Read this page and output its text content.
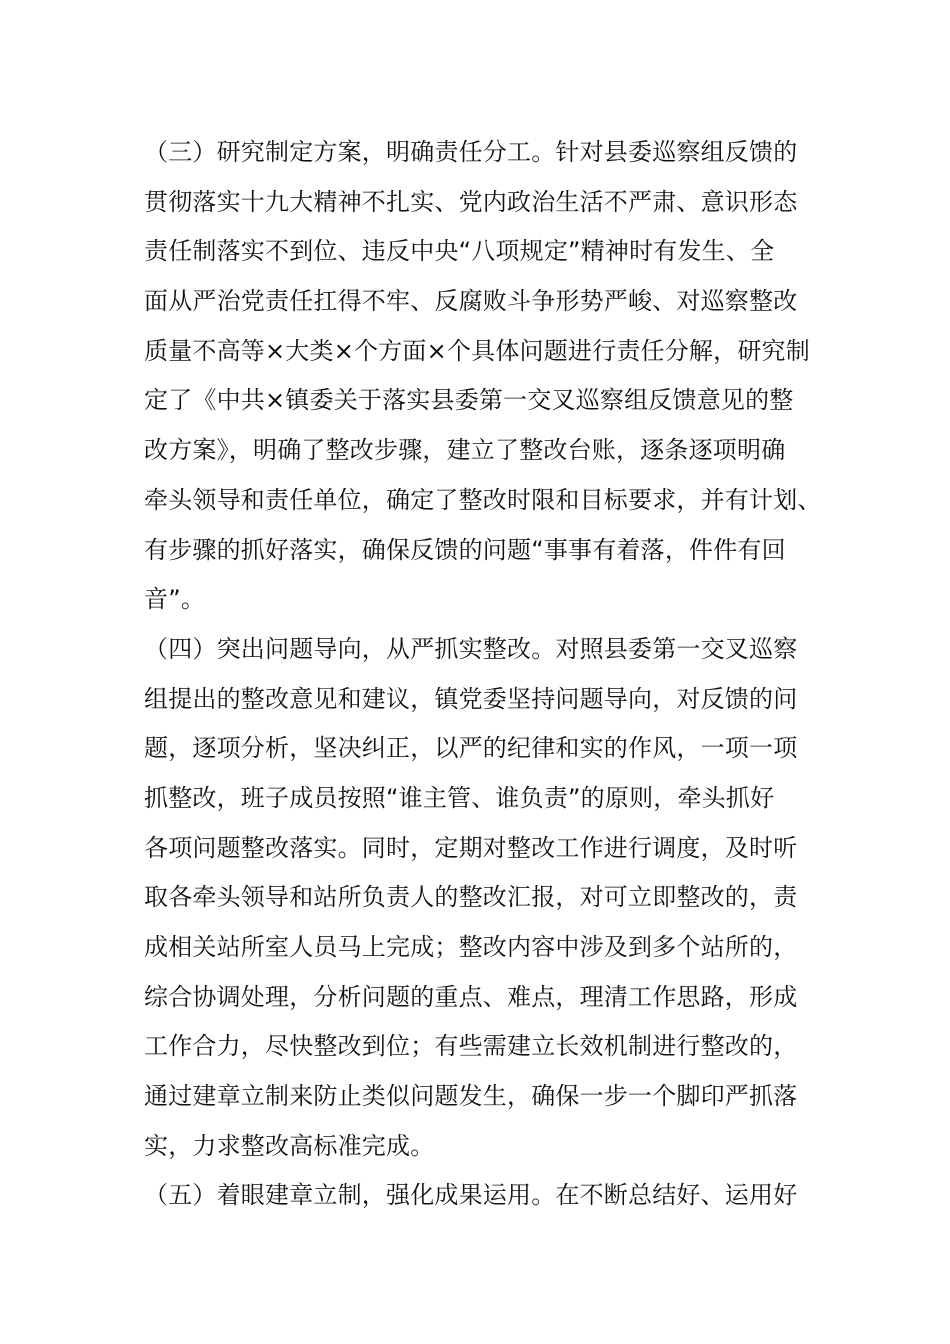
（三）研究制定方案，明确责任分工。针对县委巡察组反馈的
贯彻落实十九大精神不扎实、党内政治生活不严肃、意识形态
责任制落实不到位、违反中央“八项规定”精神时有发生、全
面从严治党责任扛得不牢、反腐败斗争形势严峻、对巡察整改
质量不高等×大类×个方面×个具体问题进行责任分解，研究制
定了《中共×镇委关于落实县委第一交叉巡察组反馈意见的整
改方案》，明确了整改步骤，建立了整改台账，逐条逐项明确
牵头领导和责任单位，确定了整改时限和目标要求，并有计划、
有步骤的抓好落实，确保反馈的问题“事事有着落，件件有回
音”。
（四）突出问题导向，从严抓实整改。对照县委第一交叉巡察
组提出的整改意见和建议，镇党委坚持问题导向，对反馈的问
题，逐项分析，坚决纠正，以严的纪律和实的作风，一项一项
抓整改，班子成员按照“谁主管、谁负责”的原则，牵头抓好
各项问题整改落实。同时，定期对整改工作进行调度，及时听
取各牵头领导和站所负责人的整改汇报，对可立即整改的，责
成相关站所室人员马上完成；整改内容中涉及到多个站所的，
综合协调处理，分析问题的重点、难点，理清工作思路，形成
工作合力，尽快整改到位；有些需建立长效机制进行整改的，
通过建章立制来防止类似问题发生，确保一步一个脚印严抓落
实，力求整改高标准完成。
（五）着眼建章立制，强化成果运用。在不断总结好、运用好
